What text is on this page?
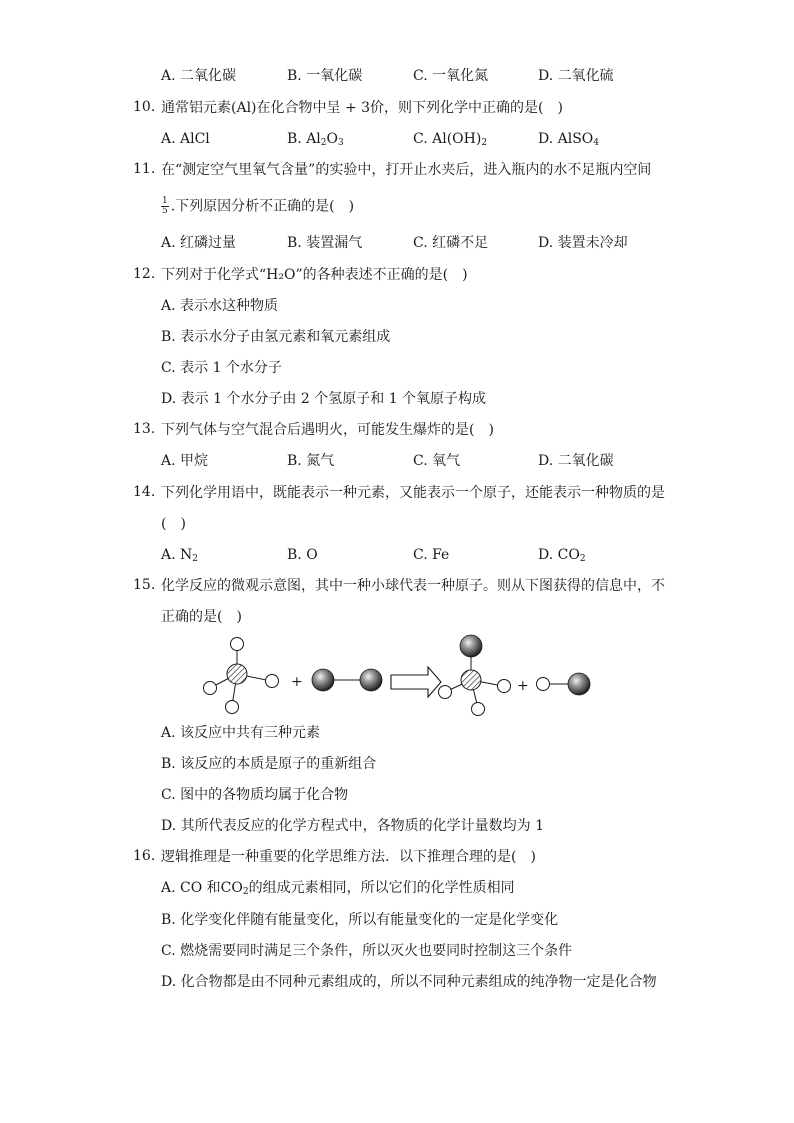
A. 二氧化碳	B. 一氧化碳	C. 一氧化氮	D. 二氧化硫
10. 通常铝元素(Al)在化合物中呈 + 3价，则下列化学中正确的是(　)
A. AlCl	B. $Al_2O_3$	C. $Al(OH)_2$	D. AlSO$_4$
11. 在“测定空气里氧气含量”的实验中，打开止水夹后，进入瓶内的水不足瓶内空间
$\frac{1}{5}$ .下列原因分析不正确的是(　)
A. 红磷过量	B. 装置漏气	C. 红磷不足	D. 装置未冷却
12. 下列对于化学式“H₂O”的各种表述不正确的是(　)
A. 表示水这种物质
B. 表示水分子由氢元素和氧元素组成
C. 表示 1 个水分子
D. 表示 1 个水分子由 2 个氢原子和 1 个氧原子构成
13. 下列气体与空气混合后遇明火，可能发生爆炸的是(　)
A. 甲烷	B. 氮气	C. 氧气	D. 二氧化碳
14. 下列化学用语中，既能表示一种元素，又能表示一个原子，还能表示一种物质的是
(　)
A. $N_2$	B. O	C. Fe	D. $CO_2$
15. 化学反应的微观示意图，其中一种小球代表一种原子。则从下图获得的信息中，不
正确的是(　)
+	+
A. 该反应中共有三种元素
B. 该反应的本质是原子的重新组合
C. 图中的各物质均属于化合物
D. 其所代表反应的化学方程式中，各物质的化学计量数均为 1
16. 逻辑推理是一种重要的化学思维方法．以下推理合理的是(　)
A. CO 和$CO_2$的组成元素相同，所以它们的化学性质相同
B. 化学变化伴随有能量变化，所以有能量变化的一定是化学变化
C. 燃烧需要同时满足三个条件，所以灭火也要同时控制这三个条件
D. 化合物都是由不同种元素组成的，所以不同种元素组成的纯净物一定是化合物
